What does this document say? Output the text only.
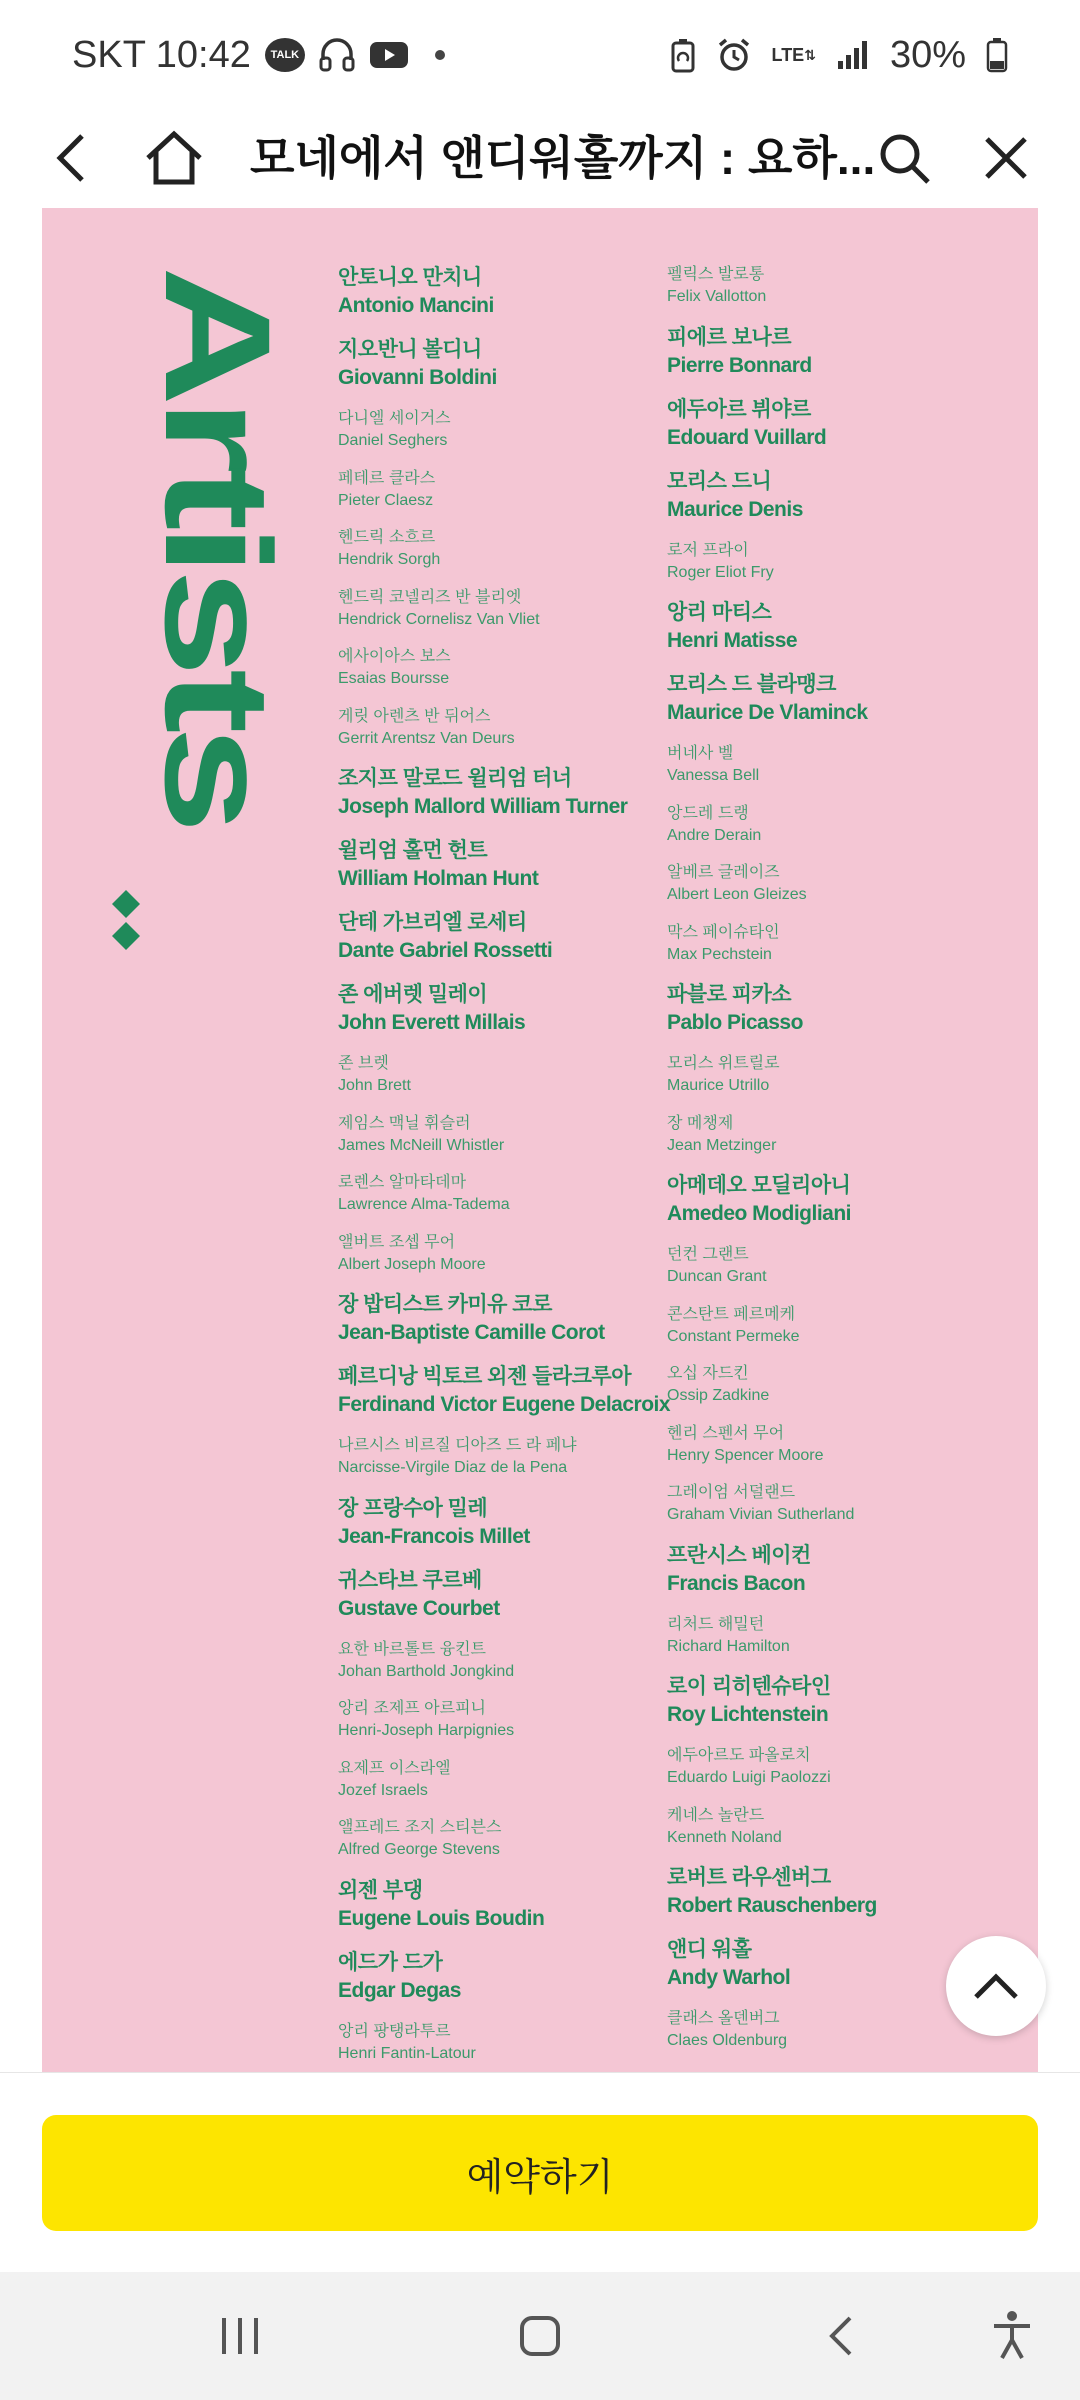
SKT 10:42	TALK	LTE ⇅ 30%
모네에서 앤디워홀까지 : 요하...
Artists 안토니오 만치니
Antonio Mancini
지오반니 볼디니
Giovanni Boldini
다니엘 세이거스
Daniel Seghers
페테르 클라스
Pieter Claesz
헨드릭 소흐르
Hendrik Sorgh
헨드릭 코넬리즈 반 블리엣
Hendrick Cornelisz Van Vliet
에사이아스 보스
Esaias Boursse
게릿 아렌츠 반 뒤어스
Gerrit Arentsz Van Deurs
조지프 말로드 윌리엄 터너
Joseph Mallord William Turner
윌리엄 홀먼 헌트
William Holman Hunt
단테 가브리엘 로세티
Dante Gabriel Rossetti
존 에버렛 밀레이
John Everett Millais
존 브렛
John Brett
제임스 맥닐 휘슬러
James McNeill Whistler
로렌스 알마타데마
Lawrence Alma-Tadema
앨버트 조셉 무어
Albert Joseph Moore
장 밥티스트 카미유 코로
Jean-Baptiste Camille Corot
페르디낭 빅토르 외젠 들라크루아
Ferdinand Victor Eugene Delacroix
나르시스 비르질 디아즈 드 라 페냐
Narcisse-Virgile Diaz de la Pena
장 프랑수아 밀레
Jean-Francois Millet
귀스타브 쿠르베
Gustave Courbet
요한 바르톨트 융킨트
Johan Barthold Jongkind
앙리 조제프 아르피니
Henri-Joseph Harpignies
요제프 이스라엘
Jozef Israels
앨프레드 조지 스티븐스
Alfred George Stevens
외젠 부댕
Eugene Louis Boudin
에드가 드가
Edgar Degas
앙리 팡탱라투르
Henri Fantin-Latour
펠릭스 발로통
Felix Vallotton
피에르 보나르
Pierre Bonnard
에두아르 뷔야르
Edouard Vuillard
모리스 드니
Maurice Denis
로저 프라이
Roger Eliot Fry
앙리 마티스
Henri Matisse
모리스 드 블라맹크
Maurice De Vlaminck
버네사 벨
Vanessa Bell
앙드레 드랭
Andre Derain
알베르 글레이즈
Albert Leon Gleizes
막스 페이슈타인
Max Pechstein
파블로 피카소
Pablo Picasso
모리스 위트릴로
Maurice Utrillo
장 메챙제
Jean Metzinger
아메데오 모딜리아니
Amedeo Modigliani
던컨 그랜트
Duncan Grant
콘스탄트 페르메케
Constant Permeke
오십 자드킨
Ossip Zadkine
헨리 스펜서 무어
Henry Spencer Moore
그레이엄 서덜랜드
Graham Vivian Sutherland
프란시스 베이컨
Francis Bacon
리처드 해밀턴
Richard Hamilton
로이 리히텐슈타인
Roy Lichtenstein
에두아르도 파올로치
Eduardo Luigi Paolozzi
케네스 놀란드
Kenneth Noland
로버트 라우센버그
Robert Rauschenberg
앤디 워홀
Andy Warhol
클래스 올덴버그
Claes Oldenburg
예약하기
